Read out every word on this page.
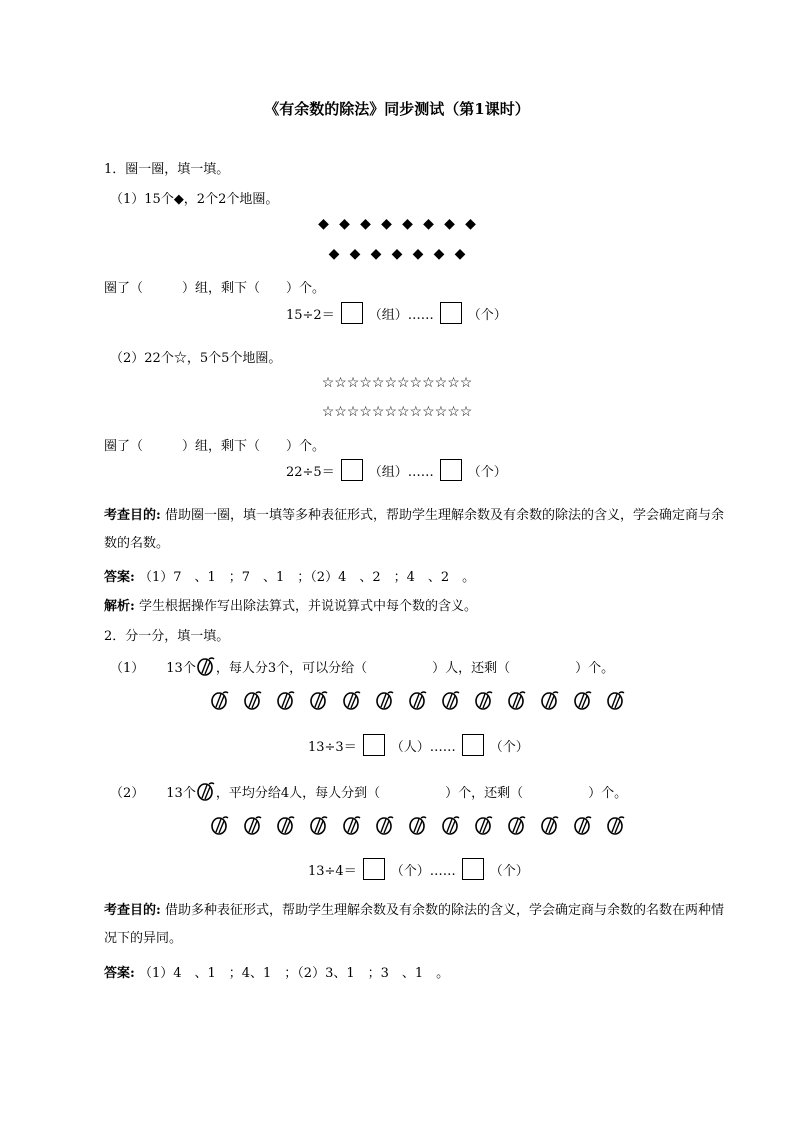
《有余数的除法》同步测试（第1课时）
1．圈一圈，填一填。
（1）15个◆，2个2个地圈。
◆ ◆ ◆ ◆ ◆ ◆ ◆ ◆
◆ ◆ ◆ ◆ ◆ ◆ ◆
圈了（　　　）组，剩下（　　）个。
15÷2＝	（组）……	（个）
（2）22个☆，5个5个地圈。
☆☆☆☆☆☆☆☆☆☆☆☆
☆☆☆☆☆☆☆☆☆☆☆☆
圈了（　　　）组，剩下（　　）个。
22÷5＝	（组）……	（个）
考查目的: 借助圈一圈，填一填等多种表征形式，帮助学生理解余数及有余数的除法的含义，学会确定商与余数的名数。
答案: （1）7　、1　；7　、1　；（2）4　、2　；4　、2　。
解析: 学生根据操作写出除法算式，并说说算式中每个数的含义。
2．分一分，填一填。
（1） 13个 ，每人分3个，可以分给（　　　　　）人，还剩（　　　　　）个。
13÷3＝	（人）……	（个）
（2） 13个 ，平均分给4人，每人分到（　　　　　）个，还剩（　　　　　）个。
13÷4＝	（个）……	（个）
考查目的: 借助多种表征形式，帮助学生理解余数及有余数的除法的含义，学会确定商与余数的名数在两种情况下的异同。
答案: （1）4　、1　；4、1　；（2）3、1　；3　、1　。
